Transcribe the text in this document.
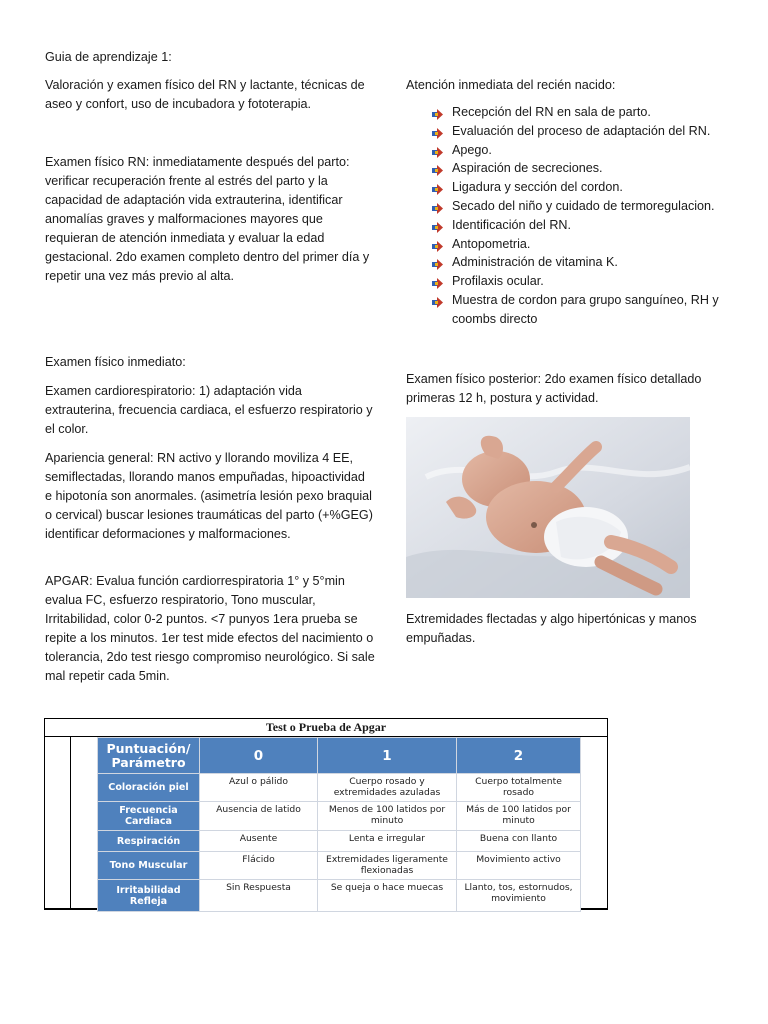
Guia de aprendizaje 1:

Valoración y examen físico del RN y lactante, técnicas de aseo y confort, uso de incubadora y fototerapia.

Examen físico RN: inmediatamente después del parto: verificar recuperación frente al estrés del parto y la capacidad de adaptación vida extrauterina, identificar anomalías graves y malformaciones mayores que requieran de atención inmediata y evaluar la edad gestacional. 2do examen completo dentro del primer día y repetir una vez más previo al alta.

Examen físico inmediato:

Examen cardiorespiratorio: 1) adaptación vida extrauterina, frecuencia cardiaca, el esfuerzo respiratorio y el color.

Apariencia general: RN activo y llorando moviliza 4 EE, semiflectadas, llorando manos empuñadas, hipoactividad e hipotonía son anormales. (asimetría lesión pexo braquial o cervical) buscar lesiones traumáticas del parto (+%GEG) identificar deformaciones y malformaciones.

APGAR: Evalua función cardiorrespiratoria 1° y 5°min evalua FC, esfuerzo respiratorio, Tono muscular, Irritabilidad, color 0-2 puntos. <7 punyos 1era prueba se repite a los minutos. 1er test mide efectos del nacimiento o tolerancia, 2do test riesgo compromiso neurológico. Si sale mal repetir cada 5min.

Atención inmediata del recién nacido:

Recepción del RN en sala de parto.
Evaluación del proceso de adaptación del RN.
Apego.
Aspiración de secreciones.
Ligadura y sección del cordon.
Secado del niño y cuidado de termoregulacion.
Identificación del RN.
Antopometria.
Administración de vitamina K.
Profilaxis ocular.
Muestra de cordon para grupo sanguíneo, RH y coombs directo

Examen físico posterior: 2do examen físico detallado primeras 12 h, postura y actividad.

Extremidades flectadas y algo hipertónicas y manos empuñadas.

Test o Prueba de Apgar
Puntuación/ Parámetro	0	1	2
Coloración piel	Azul o pálido	Cuerpo rosado y extremidades azuladas	Cuerpo totalmente rosado
Frecuencia Cardiaca	Ausencia de latido	Menos de 100 latidos por minuto	Más de 100 latidos por minuto
Respiración	Ausente	Lenta e irregular	Buena con llanto
Tono Muscular	Flácido	Extremidades ligeramente flexionadas	Movimiento activo
Irritabilidad Refleja	Sin Respuesta	Se queja o hace muecas	Llanto, tos, estornudos, movimiento
